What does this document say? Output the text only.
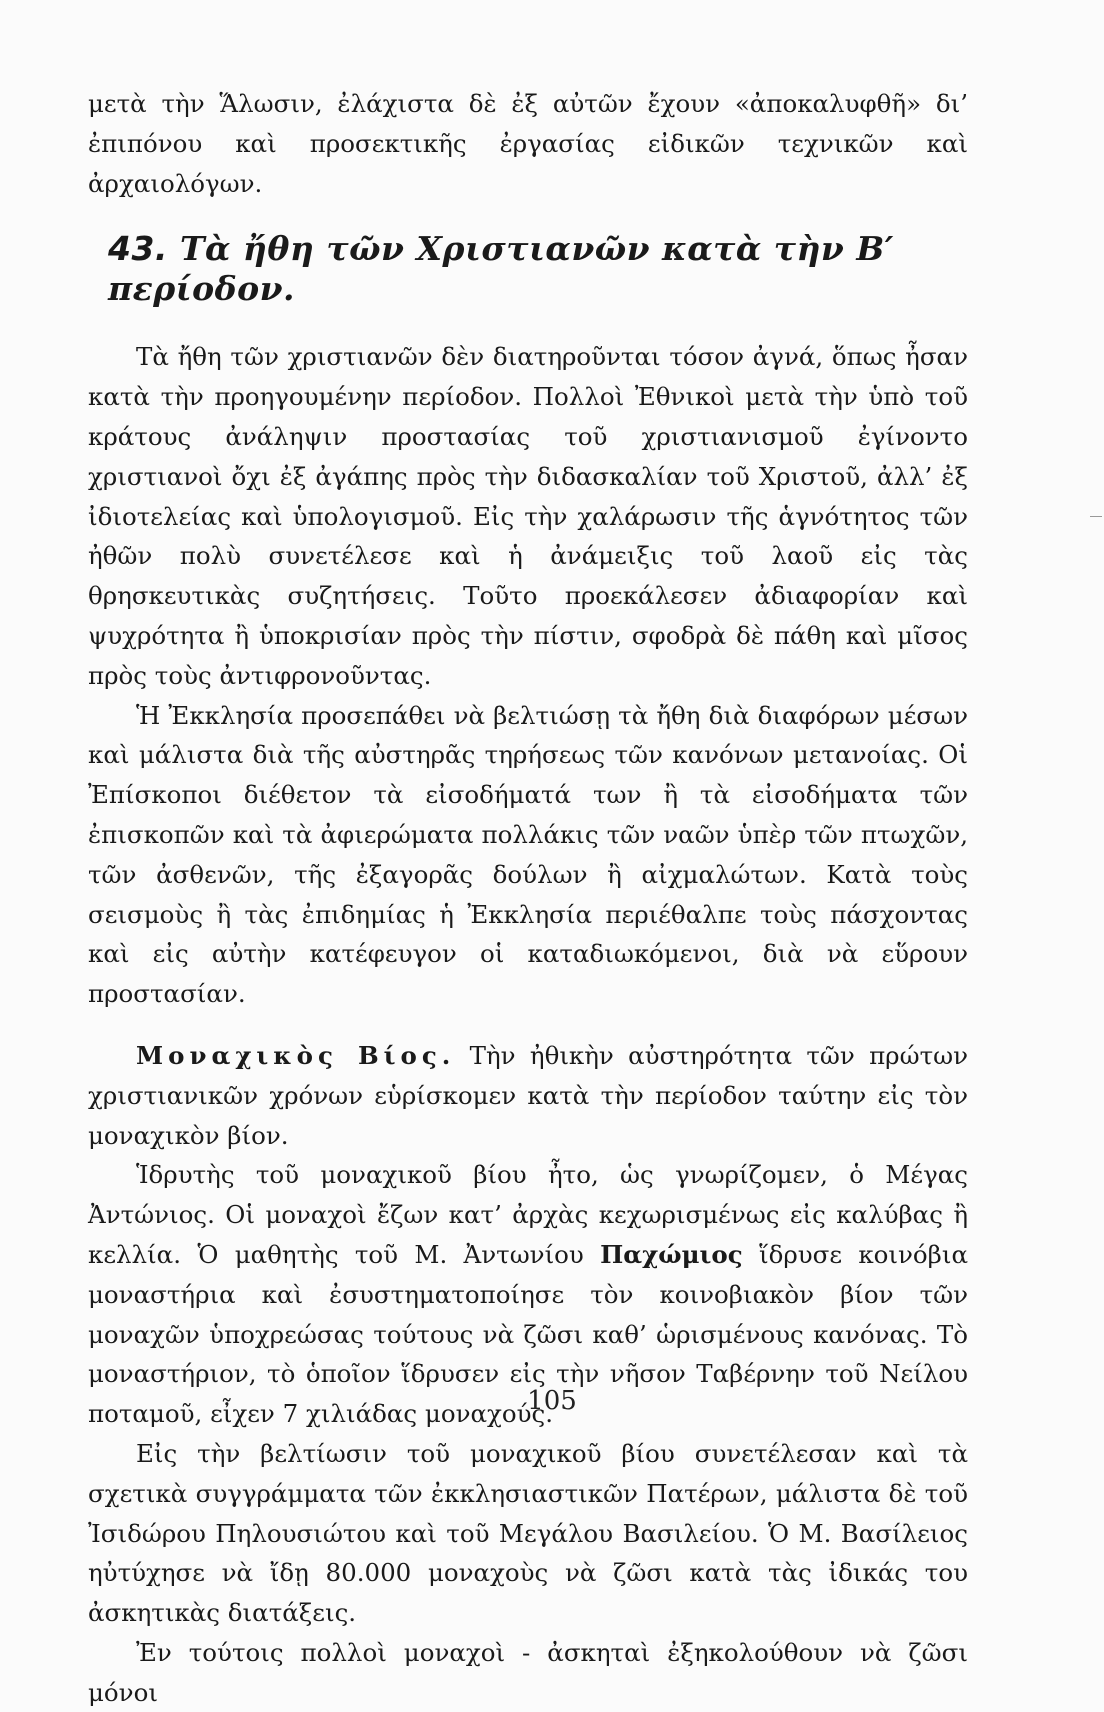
μετὰ τὴν Ἅλωσιν, ἐλάχιστα δὲ ἐξ αὐτῶν ἔχουν «ἀποκαλυφθῆ» δι’ ἐπιπόνου καὶ προσεκτικῆς ἐργασίας εἰδικῶν τεχνικῶν καὶ ἀρχαιολόγων.

43. Τὰ ἤθη τῶν Χριστιανῶν κατὰ τὴν Β′ περίοδον.

Τὰ ἤθη τῶν χριστιανῶν δὲν διατηροῦνται τόσον ἀγνά, ὅπως ἦσαν κατὰ τὴν προηγουμένην περίοδον. Πολλοὶ Ἐθνικοὶ μετὰ τὴν ὑπὸ τοῦ κράτους ἀνάληψιν προστασίας τοῦ χριστιανισμοῦ ἐγίνοντο χριστιανοὶ ὄχι ἐξ ἀγάπης πρὸς τὴν διδασκαλίαν τοῦ Χριστοῦ, ἀλλ’ ἐξ ἰδιοτελείας καὶ ὑπολογισμοῦ. Εἰς τὴν χαλάρωσιν τῆς ἁγνότητος τῶν ἠθῶν πολὺ συνετέλεσε καὶ ἡ ἀνάμειξις τοῦ λαοῦ εἰς τὰς θρησκευτικὰς συζητήσεις. Τοῦτο προεκάλεσεν ἀδιαφορίαν καὶ ψυχρότητα ἢ ὑποκρισίαν πρὸς τὴν πίστιν, σφοδρὰ δὲ πάθη καὶ μῖσος πρὸς τοὺς ἀντιφρονοῦντας.

Ἡ Ἐκκλησία προσεπάθει νὰ βελτιώσῃ τὰ ἤθη διὰ διαφόρων μέσων καὶ μάλιστα διὰ τῆς αὐστηρᾶς τηρήσεως τῶν κανόνων μετανοίας. Οἱ Ἐπίσκοποι διέθετον τὰ εἰσοδήματά των ἢ τὰ εἰσοδήματα τῶν ἐπισκοπῶν καὶ τὰ ἀφιερώματα πολλάκις τῶν ναῶν ὑπὲρ τῶν πτωχῶν, τῶν ἀσθενῶν, τῆς ἐξαγορᾶς δούλων ἢ αἰχμαλώτων. Κατὰ τοὺς σεισμοὺς ἢ τὰς ἐπιδημίας ἡ Ἐκκλησία περιέθαλπε τοὺς πάσχοντας καὶ εἰς αὐτὴν κατέφευγον οἱ καταδιωκόμενοι, διὰ νὰ εὕρουν προστασίαν.

Μοναχικὸς Βίος. Τὴν ἠθικὴν αὐστηρότητα τῶν πρώτων χριστιανικῶν χρόνων εὑρίσκομεν κατὰ τὴν περίοδον ταύτην εἰς τὸν μοναχικὸν βίον.

Ἱδρυτὴς τοῦ μοναχικοῦ βίου ἦτο, ὡς γνωρίζομεν, ὁ Μέγας Ἀντώνιος. Οἱ μοναχοὶ ἔζων κατ’ ἀρχὰς κεχωρισμένως εἰς καλύβας ἢ κελλία. Ὁ μαθητὴς τοῦ Μ. Ἀντωνίου Παχώμιος ἵδρυσε κοινόβια μοναστήρια καὶ ἐσυστηματοποίησε τὸν κοινοβιακὸν βίον τῶν μοναχῶν ὑποχρεώσας τούτους νὰ ζῶσι καθ’ ὡρισμένους κανόνας. Τὸ μοναστήριον, τὸ ὁποῖον ἵδρυσεν εἰς τὴν νῆσον Ταβέρνην τοῦ Νείλου ποταμοῦ, εἶχεν 7 χιλιάδας μοναχούς.

Εἰς τὴν βελτίωσιν τοῦ μοναχικοῦ βίου συνετέλεσαν καὶ τὰ σχετικὰ συγγράμματα τῶν ἐκκλησιαστικῶν Πατέρων, μάλιστα δὲ τοῦ Ἰσιδώρου Πηλουσιώτου καὶ τοῦ Μεγάλου Βασιλείου. Ὁ Μ. Βασίλειος ηὐτύχησε νὰ ἴδῃ 80.000 μοναχοὺς νὰ ζῶσι κατὰ τὰς ἰδικάς του ἀσκητικὰς διατάξεις.

Ἐν τούτοις πολλοὶ μοναχοὶ - ἀσκηταὶ ἐξηκολούθουν νὰ ζῶσι μόνοι

105
